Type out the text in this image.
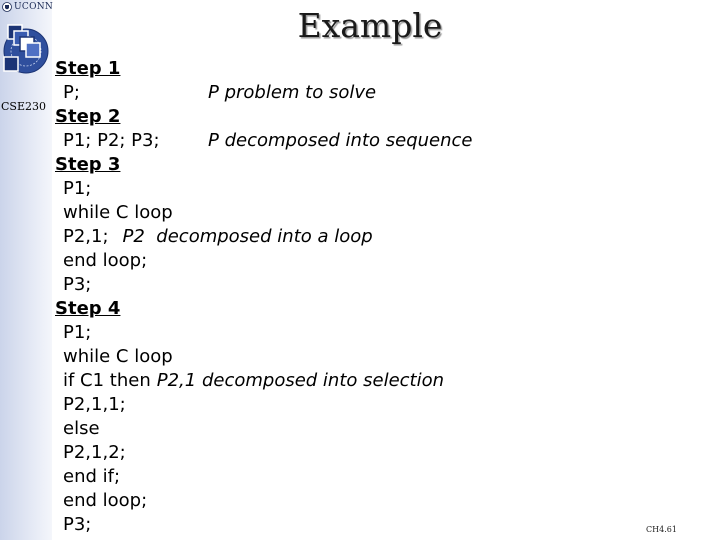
UCONN
CSE230
Example
Step 1
P;	P problem to solve
Step 2
P1; P2; P3;	P decomposed into sequence
Step 3
P1;
while C loop
P2,1; P2  decomposed into a loop
end loop;
P3;
Step 4
P1;
while C loop
if C1 then P2,1 decomposed into selection
P2,1,1;
else
P2,1,2;
end if;
end loop;
P3;	CH4.61
